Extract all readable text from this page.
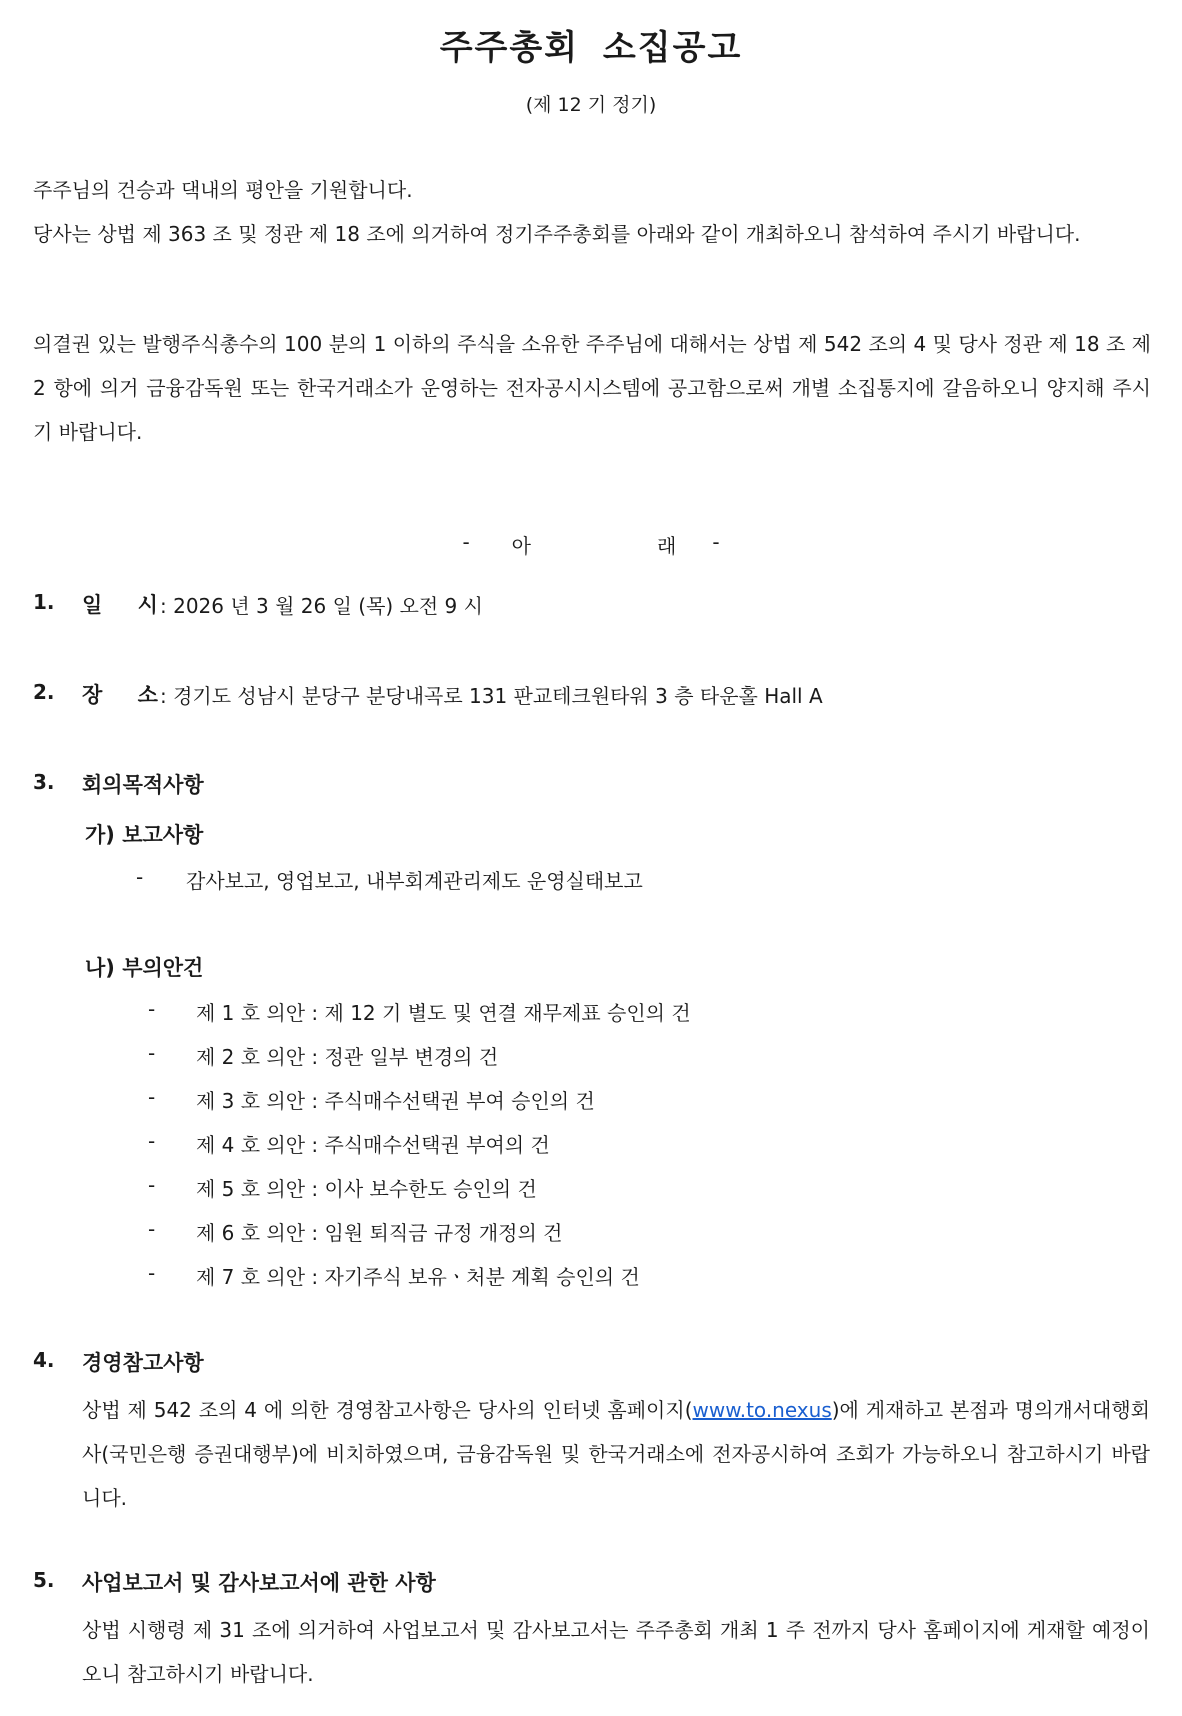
주주총회 소집공고
(제 12 기 정기)
주주님의 건승과 댁내의 평안을 기원합니다.
당사는 상법 제 363 조 및 정관 제 18 조에 의거하여 정기주주총회를 아래와 같이 개최하오니 참석하여 주시기 바랍니다.
의결권 있는 발행주식총수의 100 분의 1 이하의 주식을 소유한 주주님에 대해서는 상법 제 542 조의 4 및 당사 정관 제 18 조 제 2 항에 의거 금융감독원 또는 한국거래소가 운영하는 전자공시시스템에 공고함으로써 개별 소집통지에 갈음하오니 양지해 주시기 바랍니다.
- 아	래 -
1. 일 시
: 2026 년 3 월 26 일 (목) 오전 9 시
2. 장 소
: 경기도 성남시 분당구 분당내곡로 131 판교테크원타워 3 층 타운홀 Hall A
3. 회의목적사항
가) 보고사항
- 감사보고, 영업보고, 내부회계관리제도 운영실태보고
나) 부의안건
- 제 1 호 의안 : 제 12 기 별도 및 연결 재무제표 승인의 건
- 제 2 호 의안 : 정관 일부 변경의 건
- 제 3 호 의안 : 주식매수선택권 부여 승인의 건
- 제 4 호 의안 : 주식매수선택권 부여의 건
- 제 5 호 의안 : 이사 보수한도 승인의 건
- 제 6 호 의안 : 임원 퇴직금 규정 개정의 건
- 제 7 호 의안 : 자기주식 보유ㆍ처분 계획 승인의 건
4. 경영참고사항
상법 제 542 조의 4 에 의한 경영참고사항은 당사의 인터넷 홈페이지(www.to.nexus)에 게재하고 본점과 명의개서대행회사(국민은행 증권대행부)에 비치하였으며, 금융감독원 및 한국거래소에 전자공시하여 조회가 가능하오니 참고하시기 바랍니다.
5. 사업보고서 및 감사보고서에 관한 사항
상법 시행령 제 31 조에 의거하여 사업보고서 및 감사보고서는 주주총회 개최 1 주 전까지 당사 홈페이지에 게재할 예정이오니 참고하시기 바랍니다.
